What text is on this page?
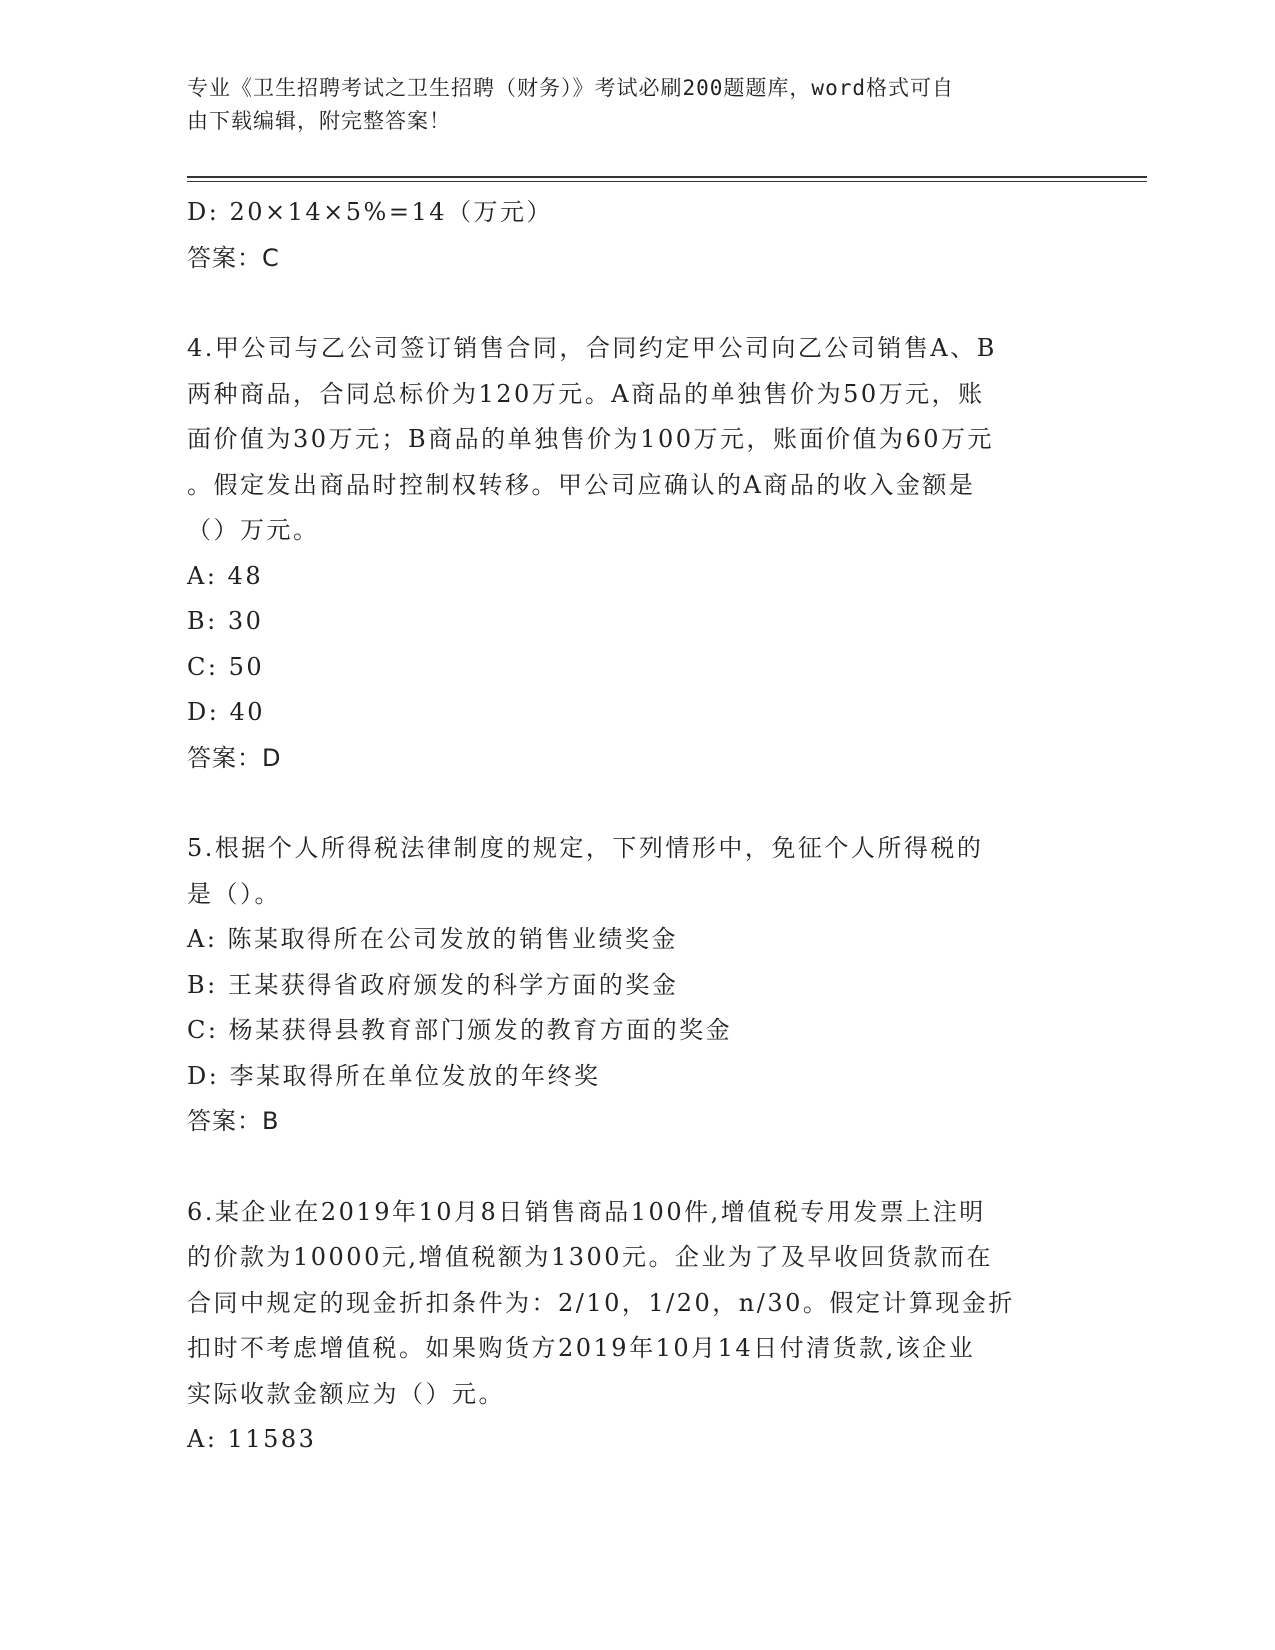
专业《卫生招聘考试之卫生招聘（财务）》考试必刷200题题库，word格式可自
由下载编辑，附完整答案！
D: 20×14×5%=14（万元）
答案：C
4.甲公司与乙公司签订销售合同，合同约定甲公司向乙公司销售A、B
两种商品，合同总标价为120万元。A商品的单独售价为50万元，账
面价值为30万元；B商品的单独售价为100万元，账面价值为60万元
。假定发出商品时控制权转移。甲公司应确认的A商品的收入金额是
（）万元。
A: 48
B: 30
C: 50
D: 40
答案：D
5.根据个人所得税法律制度的规定，下列情形中，免征个人所得税的
是（）。
A: 陈某取得所在公司发放的销售业绩奖金
B: 王某获得省政府颁发的科学方面的奖金
C: 杨某获得县教育部门颁发的教育方面的奖金
D: 李某取得所在单位发放的年终奖
答案：B
6.某企业在2019年10月8日销售商品100件,增值税专用发票上注明
的价款为10000元,增值税额为1300元。企业为了及早收回货款而在
合同中规定的现金折扣条件为：2/10，1/20，n/30。假定计算现金折
扣时不考虑增值税。如果购货方2019年10月14日付清货款,该企业
实际收款金额应为（）元。
A: 11583
